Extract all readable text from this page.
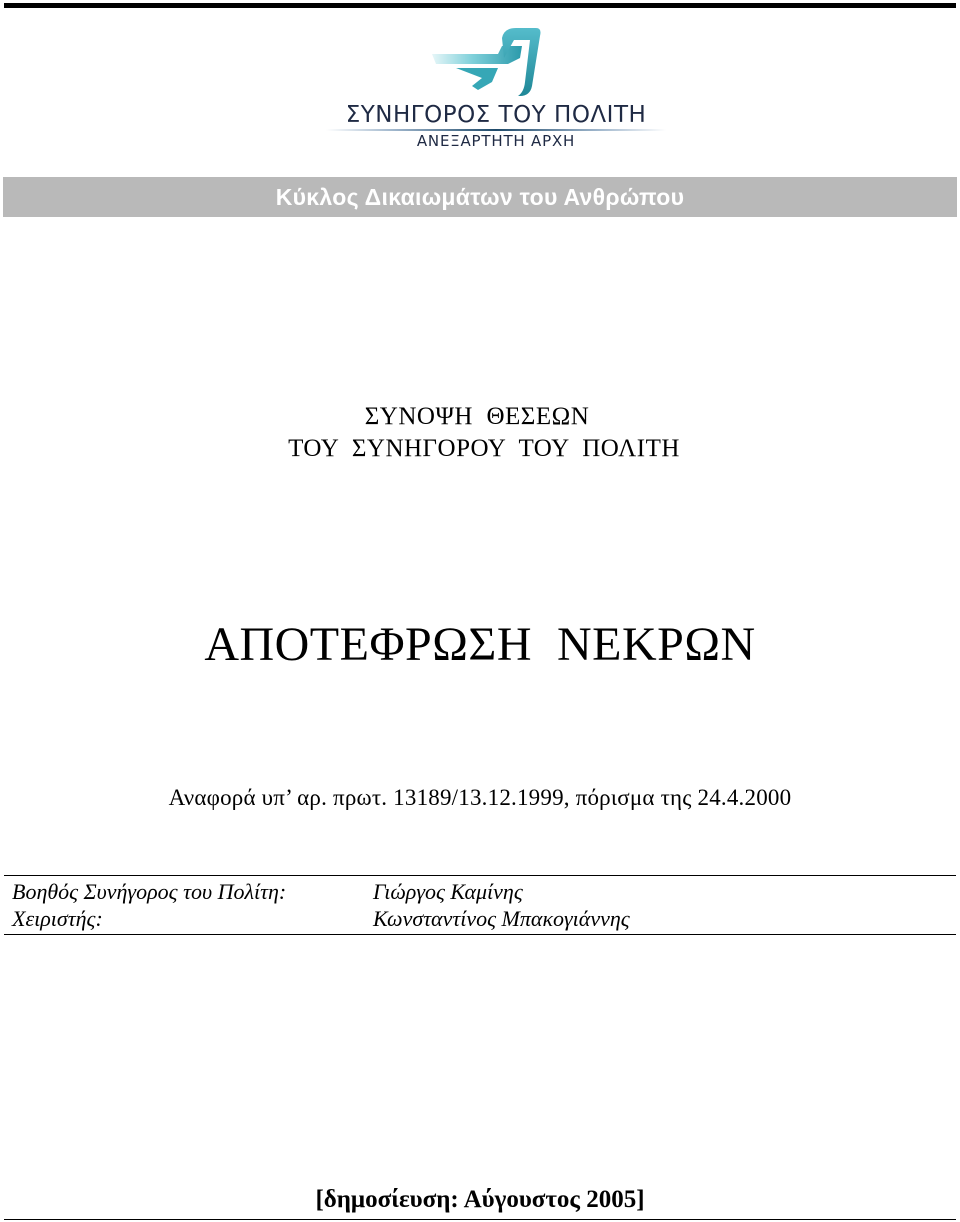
ΣΥΝΗΓΟΡΟΣ ΤΟΥ ΠΟΛΙΤΗ
ΑΝΕΞΑΡΤΗΤΗ ΑΡΧΗ
Κύκλος Δικαιωμάτων του Ανθρώπου
ΣΥΝΟΨΗ  ΘΕΣΕΩΝ
ΤΟΥ  ΣΥΝΗΓΟΡΟΥ  ΤΟΥ  ΠΟΛΙΤΗ
ΑΠΟΤΕΦΡΩΣΗ  ΝΕΚΡΩΝ
Αναφορά υπ’ αρ. πρωτ. 13189/13.12.1999, πόρισμα της 24.4.2000
Βοηθός Συνήγορος του Πολίτη:	Γιώργος Καμίνης
Χειριστής:	Κωνσταντίνος Μπακογιάννης
[δημοσίευση: Αύγουστος 2005]
